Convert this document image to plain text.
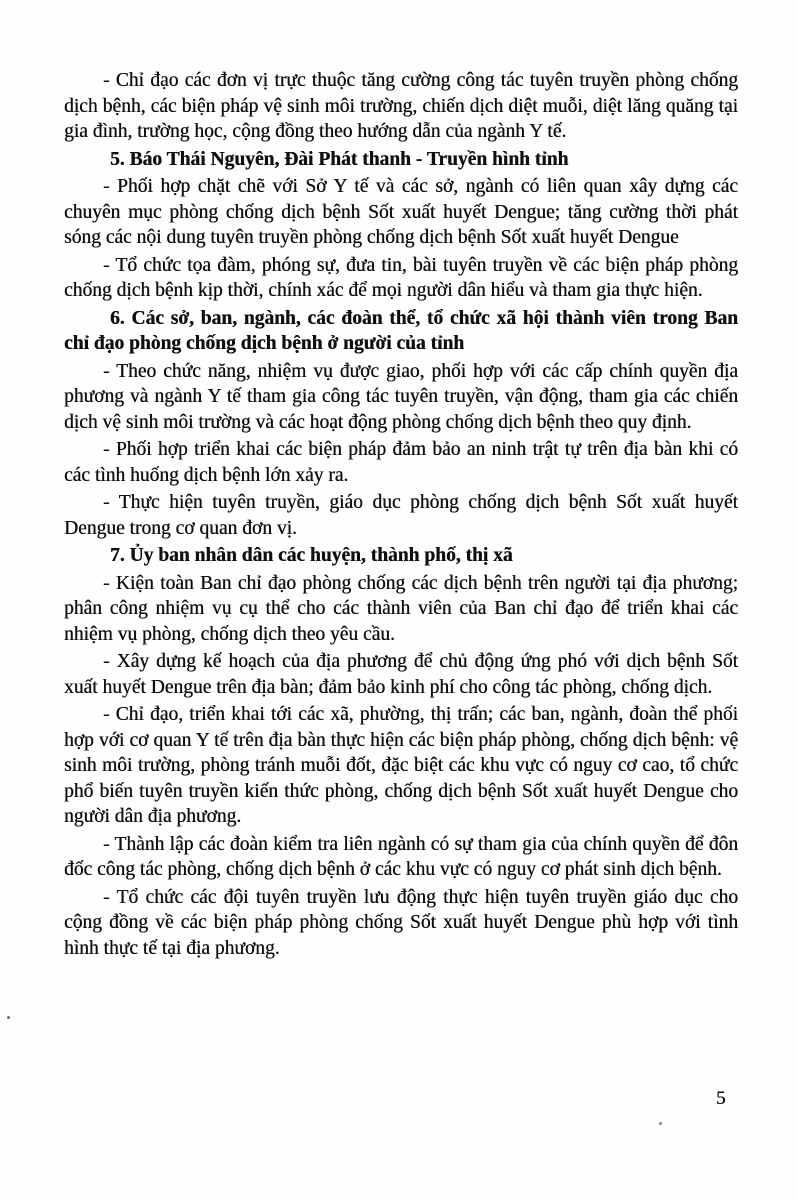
- Chỉ đạo các đơn vị trực thuộc tăng cường công tác tuyên truyền phòng chống dịch bệnh, các biện pháp vệ sinh môi trường, chiến dịch diệt muỗi, diệt lăng quăng tại gia đình, trường học, cộng đồng theo hướng dẫn của ngành Y tế.

5. Báo Thái Nguyên, Đài Phát thanh - Truyền hình tỉnh

- Phối hợp chặt chẽ với Sở Y tế và các sở, ngành có liên quan xây dựng các chuyên mục phòng chống dịch bệnh Sốt xuất huyết Dengue; tăng cường thời phát sóng các nội dung tuyên truyền phòng chống dịch bệnh Sốt xuất huyết Dengue

- Tổ chức tọa đàm, phóng sự, đưa tin, bài tuyên truyền về các biện pháp phòng chống dịch bệnh kịp thời, chính xác để mọi người dân hiểu và tham gia thực hiện.

6. Các sở, ban, ngành, các đoàn thể, tổ chức xã hội thành viên trong Ban chỉ đạo phòng chống dịch bệnh ở người của tỉnh

- Theo chức năng, nhiệm vụ được giao, phối hợp với các cấp chính quyền địa phương và ngành Y tế tham gia công tác tuyên truyền, vận động, tham gia các chiến dịch vệ sinh môi trường và các hoạt động phòng chống dịch bệnh theo quy định.

- Phối hợp triển khai các biện pháp đảm bảo an ninh trật tự trên địa bàn khi có các tình huống dịch bệnh lớn xảy ra.

- Thực hiện tuyên truyền, giáo dục phòng chống dịch bệnh Sốt xuất huyết Dengue trong cơ quan đơn vị.

7. Ủy ban nhân dân các huyện, thành phố, thị xã

- Kiện toàn Ban chỉ đạo phòng chống các dịch bệnh trên người tại địa phương; phân công nhiệm vụ cụ thể cho các thành viên của Ban chỉ đạo để triển khai các nhiệm vụ phòng, chống dịch theo yêu cầu.

- Xây dựng kế hoạch của địa phương để chủ động ứng phó với dịch bệnh Sốt xuất huyết Dengue trên địa bàn; đảm bảo kinh phí cho công tác phòng, chống dịch.

- Chỉ đạo, triển khai tới các xã, phường, thị trấn; các ban, ngành, đoàn thể phối hợp với cơ quan Y tế trên địa bàn thực hiện các biện pháp phòng, chống dịch bệnh: vệ sinh môi trường, phòng tránh muỗi đốt, đặc biệt các khu vực có nguy cơ cao, tổ chức phổ biến tuyên truyền kiến thức phòng, chống dịch bệnh Sốt xuất huyết Dengue cho người dân địa phương.

- Thành lập các đoàn kiểm tra liên ngành có sự tham gia của chính quyền để đôn đốc công tác phòng, chống dịch bệnh ở các khu vực có nguy cơ phát sinh dịch bệnh.

- Tổ chức các đội tuyên truyền lưu động thực hiện tuyên truyền giáo dục cho cộng đồng về các biện pháp phòng chống Sốt xuất huyết Dengue phù hợp với tình hình thực tế tại địa phương.

5
